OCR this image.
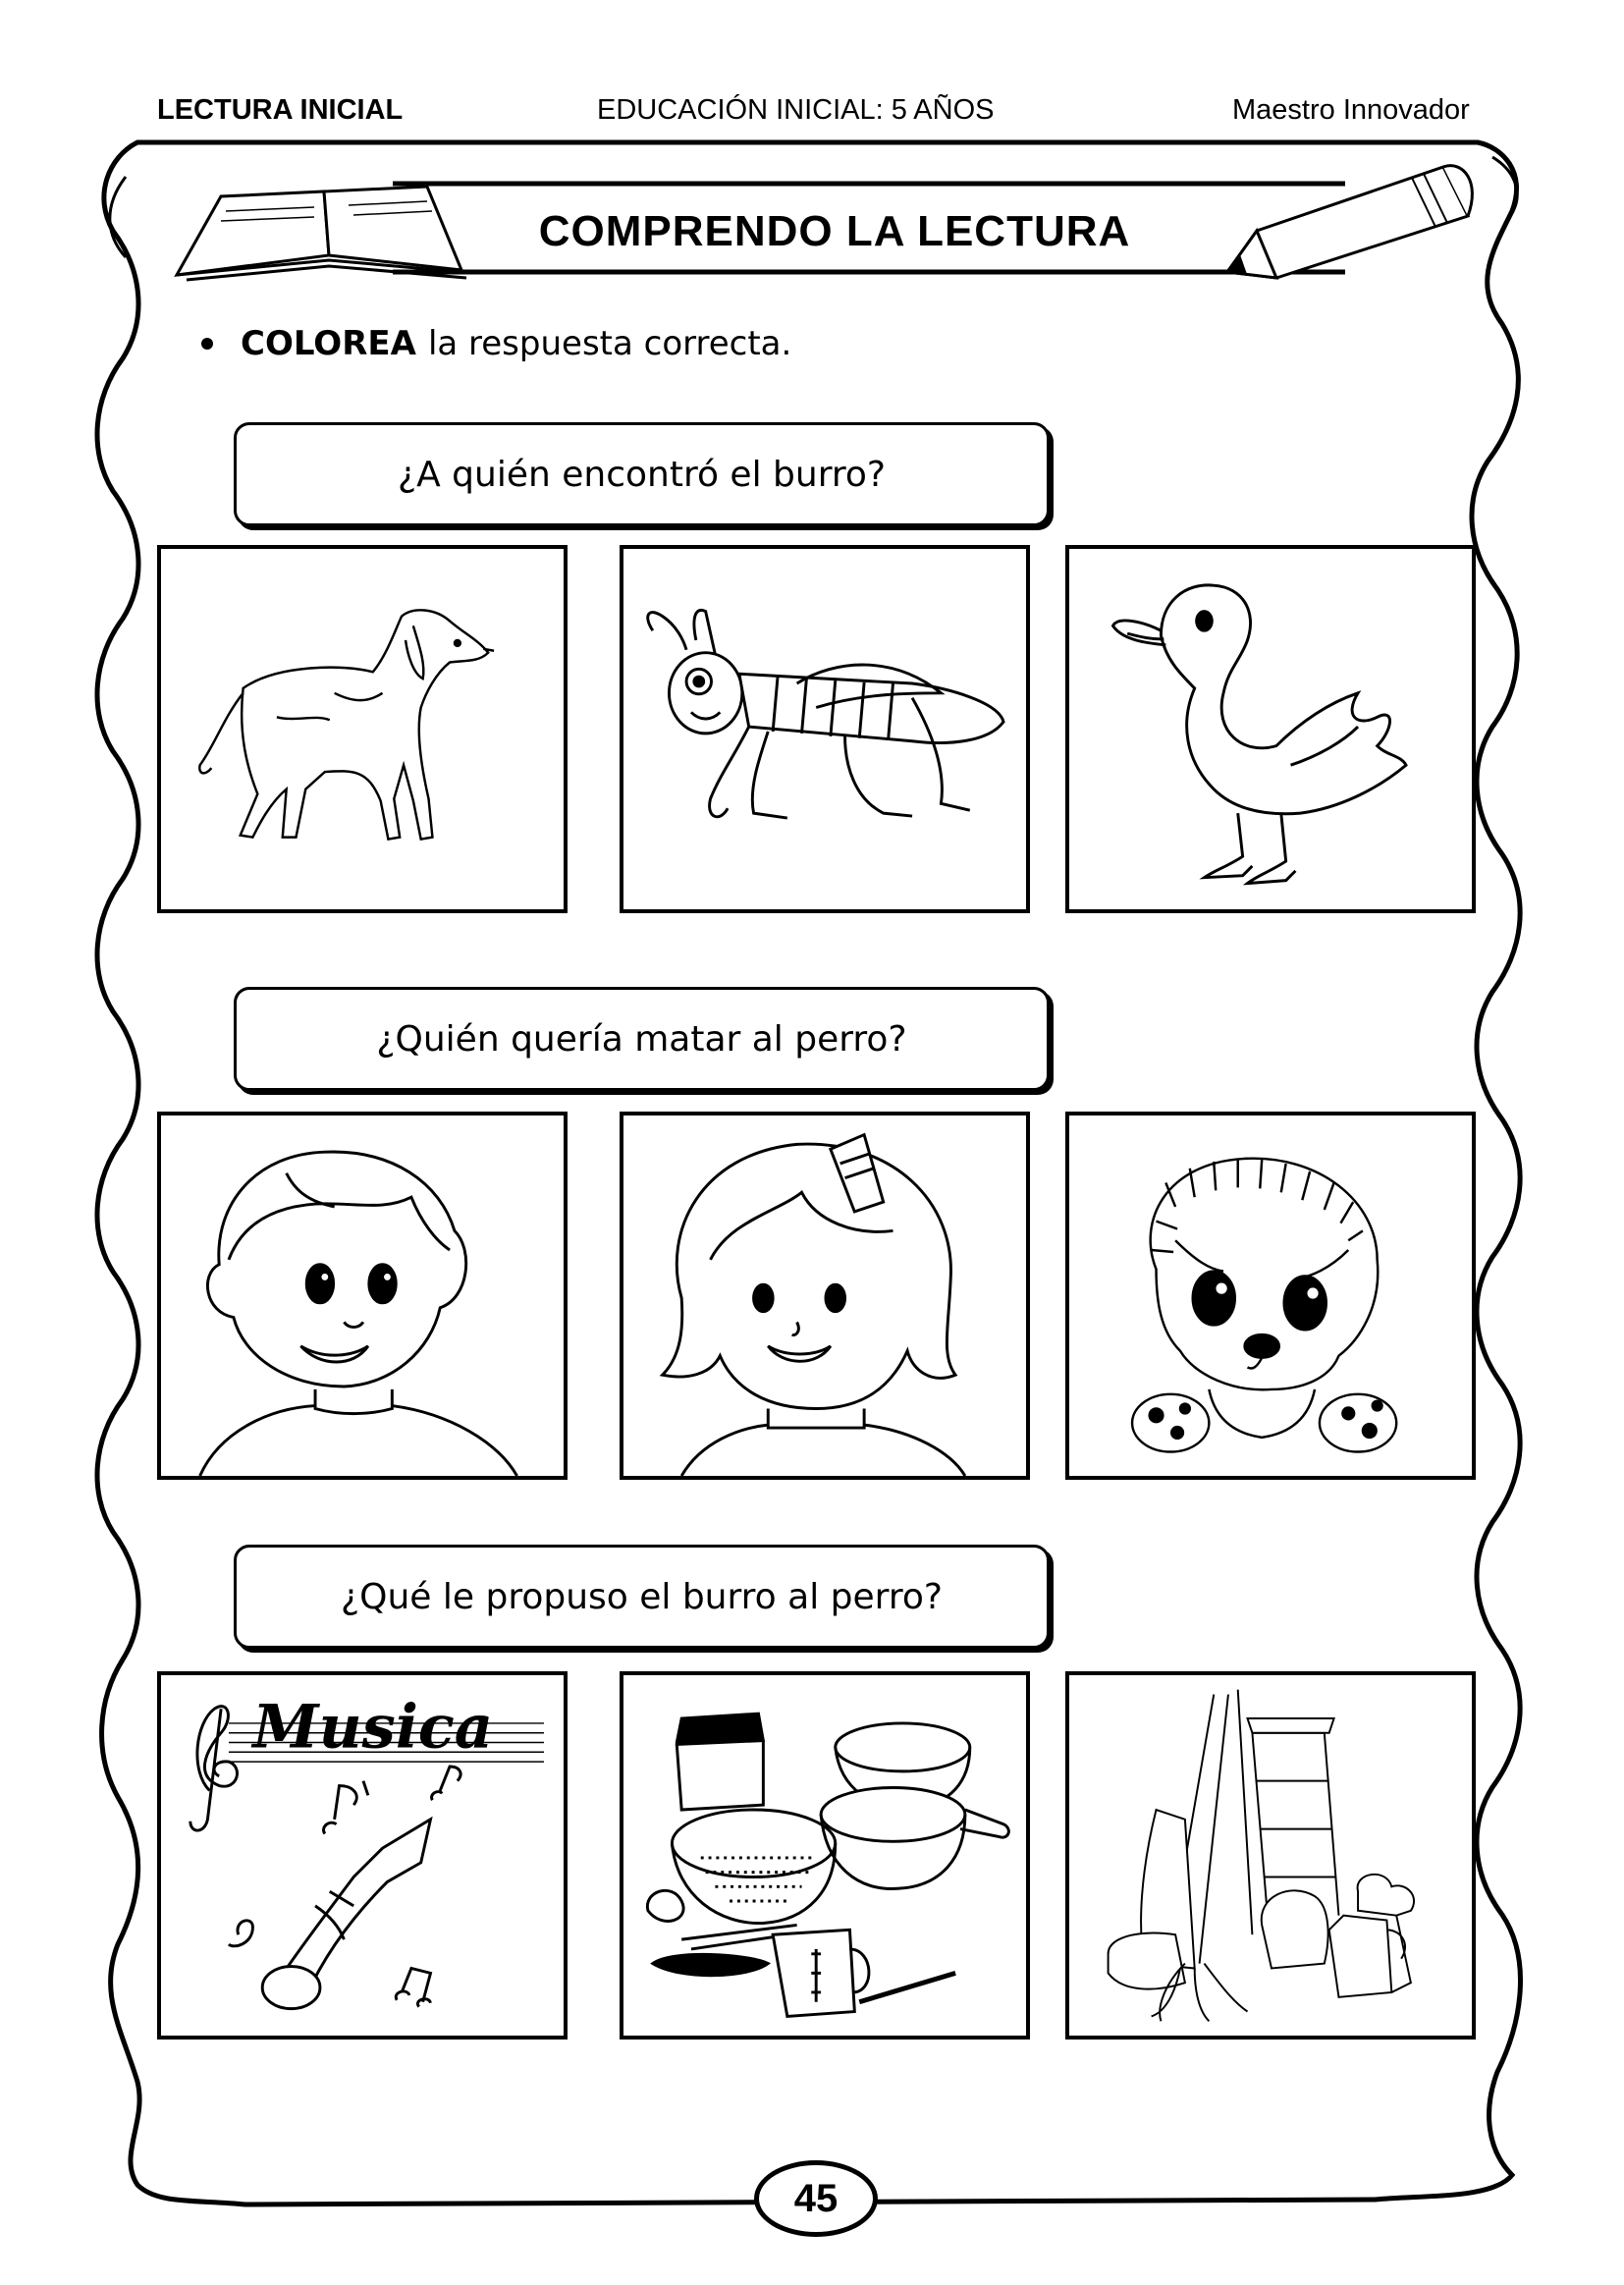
LECTURA INICIAL	EDUCACIÓN INICIAL: 5 AÑOS	Maestro Innovador
COMPRENDO LA LECTURA
COLOREA la respuesta correcta.
¿A quién encontró el burro?
¿Quién quería matar al perro?
¿Qué le propuso el burro al perro?
Musica
45
